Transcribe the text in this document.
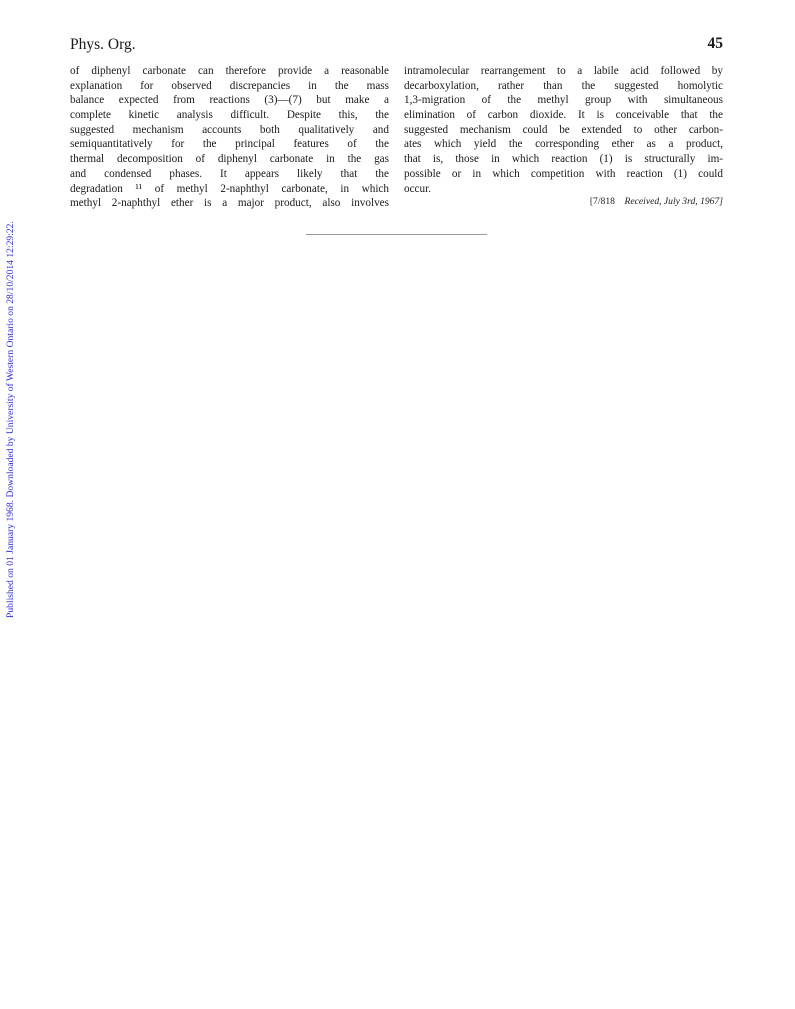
Published on 01 January 1968. Downloaded by University of Western Ontario on 28/10/2014 12:29:22.
Phys. Org.	45
of diphenyl carbonate can therefore provide a reasonable
explanation for observed discrepancies in the mass
balance expected from reactions (3)—(7) but make a
complete kinetic analysis difficult. Despite this, the
suggested mechanism accounts both qualitatively and
semiquantitatively for the principal features of the
thermal decomposition of diphenyl carbonate in the gas
and condensed phases. It appears likely that the
degradation ¹¹ of methyl 2-naphthyl carbonate, in which
methyl 2-naphthyl ether is a major product, also involves
intramolecular rearrangement to a labile acid followed by
decarboxylation, rather than the suggested homolytic
1,3-migration of the methyl group with simultaneous
elimination of carbon dioxide. It is conceivable that the
suggested mechanism could be extended to other carbon-
ates which yield the corresponding ether as a product,
that is, those in which reaction (1) is structurally im-
possible or in which competition with reaction (1) could
occur.
[7/818 Received, July 3rd, 1967]
